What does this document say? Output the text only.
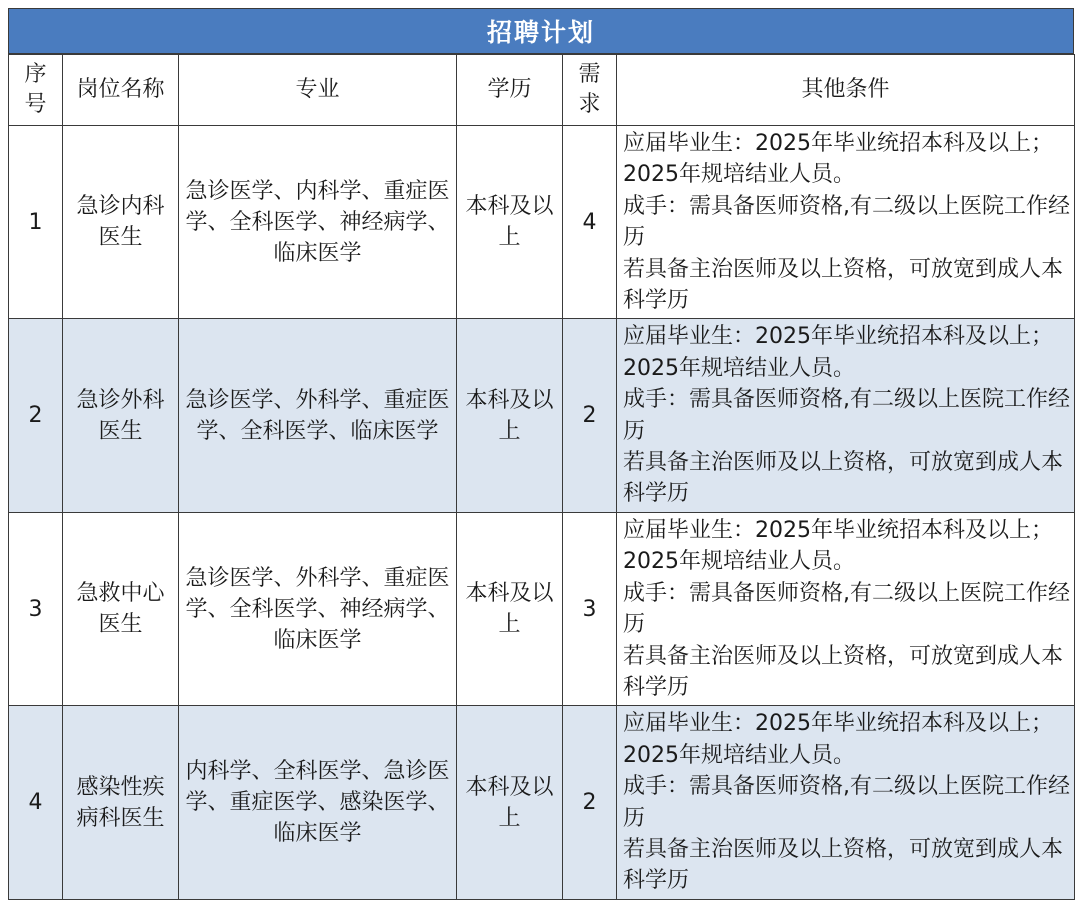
招聘计划
序号	岗位名称	专业	学历	需求	其他条件
1	急诊内科医生	急诊医学、内科学、重症医学、全科医学、神经病学、临床医学	本科及以上	4	应届毕业生：2025年毕业统招本科及以上；2025年规培结业人员。
成手：需具备医师资格,有二级以上医院工作经历
若具备主治医师及以上资格，可放宽到成人本科学历

2	急诊外科医生	急诊医学、外科学、重症医学、全科医学、临床医学	本科及以上	2	应届毕业生：2025年毕业统招本科及以上；2025年规培结业人员。
成手：需具备医师资格,有二级以上医院工作经历
若具备主治医师及以上资格，可放宽到成人本科学历

3	急救中心医生	急诊医学、外科学、重症医学、全科医学、神经病学、临床医学	本科及以上	3	应届毕业生：2025年毕业统招本科及以上；2025年规培结业人员。
成手：需具备医师资格,有二级以上医院工作经历
若具备主治医师及以上资格，可放宽到成人本科学历

4	感染性疾病科医生	内科学、全科医学、急诊医学、重症医学、感染医学、临床医学	本科及以上	2	应届毕业生：2025年毕业统招本科及以上；2025年规培结业人员。
成手：需具备医师资格,有二级以上医院工作经历
若具备主治医师及以上资格，可放宽到成人本科学历
